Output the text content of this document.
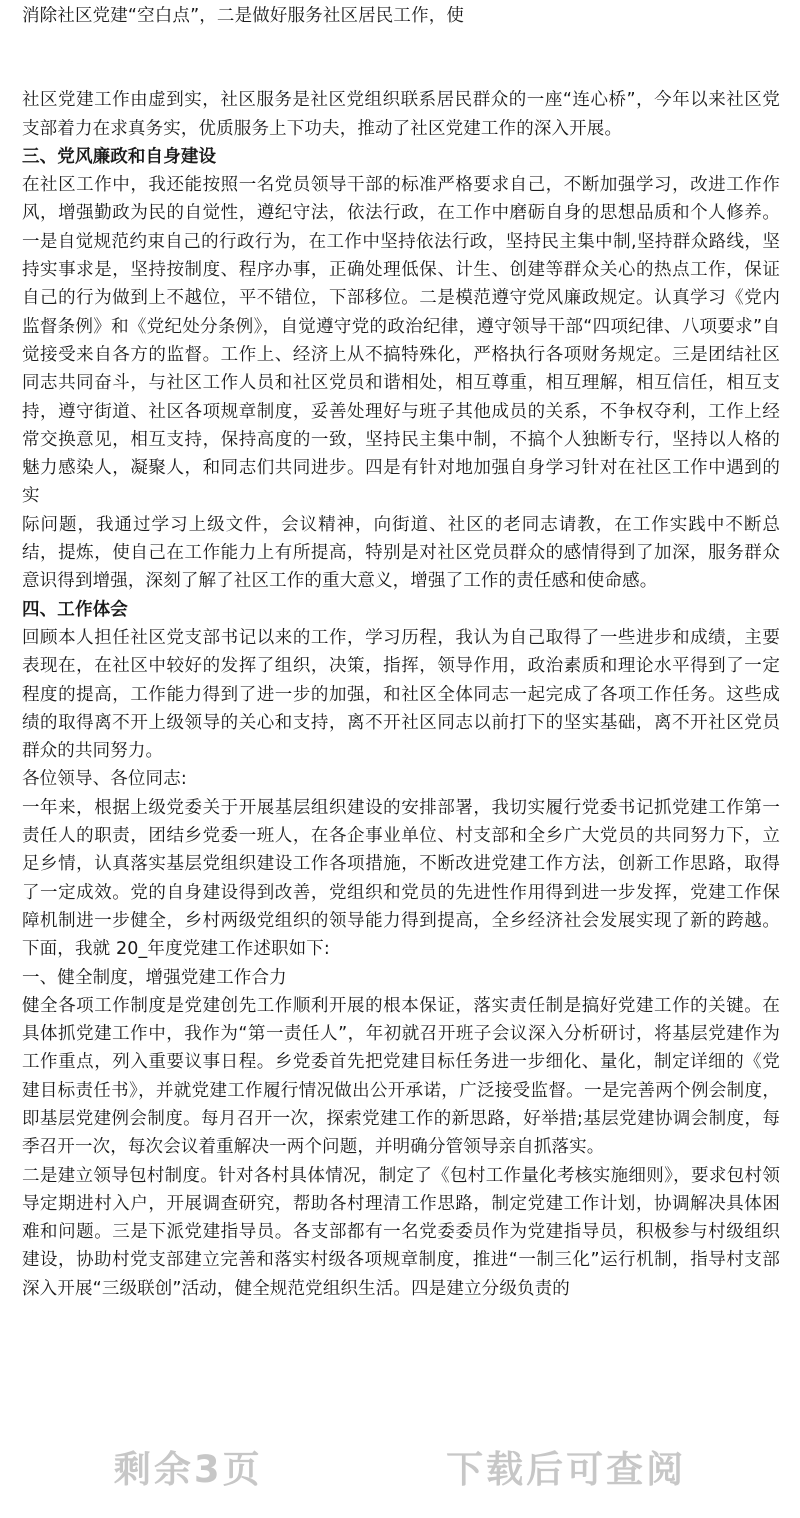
消除社区党建“空白点”，二是做好服务社区居民工作，使

社区党建工作由虚到实，社区服务是社区党组织联系居民群众的一座“连心桥”，今年以来社区党支部着力在求真务实，优质服务上下功夫，推动了社区党建工作的深入开展。

三、党风廉政和自身建设

在社区工作中，我还能按照一名党员领导干部的标准严格要求自己，不断加强学习，改进工作作风，增强勤政为民的自觉性，遵纪守法，依法行政，在工作中磨砺自身的思想品质和个人修养。一是自觉规范约束自己的行政行为，在工作中坚持依法行政，坚持民主集中制,坚持群众路线，坚持实事求是，坚持按制度、程序办事，正确处理低保、计生、创建等群众关心的热点工作，保证自己的行为做到上不越位，平不错位，下部移位。二是模范遵守党风廉政规定。认真学习《党内监督条例》和《党纪处分条例》，自觉遵守党的政治纪律，遵守领导干部“四项纪律、八项要求”自觉接受来自各方的监督。工作上、经济上从不搞特殊化，严格执行各项财务规定。三是团结社区同志共同奋斗，与社区工作人员和社区党员和谐相处，相互尊重，相互理解，相互信任，相互支持，遵守街道、社区各项规章制度，妥善处理好与班子其他成员的关系，不争权夺利，工作上经常交换意见，相互支持，保持高度的一致，坚持民主集中制，不搞个人独断专行，坚持以人格的魅力感染人，凝聚人，和同志们共同进步。四是有针对地加强自身学习针对在社区工作中遇到的实

际问题，我通过学习上级文件，会议精神，向街道、社区的老同志请教，在工作实践中不断总结，提炼，使自己在工作能力上有所提高，特别是对社区党员群众的感情得到了加深，服务群众意识得到增强，深刻了解了社区工作的重大意义，增强了工作的责任感和使命感。

四、工作体会

回顾本人担任社区党支部书记以来的工作，学习历程，我认为自己取得了一些进步和成绩，主要表现在，在社区中较好的发挥了组织，决策，指挥，领导作用，政治素质和理论水平得到了一定程度的提高，工作能力得到了进一步的加强，和社区全体同志一起完成了各项工作任务。这些成绩的取得离不开上级领导的关心和支持，离不开社区同志以前打下的坚实基础，离不开社区党员群众的共同努力。

各位领导、各位同志:

一年来，根据上级党委关于开展基层组织建设的安排部署，我切实履行党委书记抓党建工作第一责任人的职责，团结乡党委一班人，在各企事业单位、村支部和全乡广大党员的共同努力下，立足乡情，认真落实基层党组织建设工作各项措施，不断改进党建工作方法，创新工作思路，取得了一定成效。党的自身建设得到改善，党组织和党员的先进性作用得到进一步发挥，党建工作保障机制进一步健全，乡村两级党组织的领导能力得到提高，全乡经济社会发展实现了新的跨越。下面，我就 20_年度党建工作述职如下:

一、健全制度，增强党建工作合力

健全各项工作制度是党建创先工作顺利开展的根本保证，落实责任制是搞好党建工作的关键。在具体抓党建工作中，我作为“第一责任人”，年初就召开班子会议深入分析研讨，将基层党建作为工作重点，列入重要议事日程。乡党委首先把党建目标任务进一步细化、量化，制定详细的《党建目标责任书》，并就党建工作履行情况做出公开承诺，广泛接受监督。一是完善两个例会制度，即基层党建例会制度。每月召开一次，探索党建工作的新思路，好举措;基层党建协调会制度，每季召开一次，每次会议着重解决一两个问题，并明确分管领导亲自抓落实。

二是建立领导包村制度。针对各村具体情况，制定了《包村工作量化考核实施细则》，要求包村领导定期进村入户，开展调查研究，帮助各村理清工作思路，制定党建工作计划，协调解决具体困难和问题。三是下派党建指导员。各支部都有一名党委委员作为党建指导员，积极参与村级组织建设，协助村党支部建立完善和落实村级各项规章制度，推进“一制三化”运行机制，指导村支部深入开展“三级联创”活动，健全规范党组织生活。四是建立分级负责的

剩余3页	下载后可查阅
